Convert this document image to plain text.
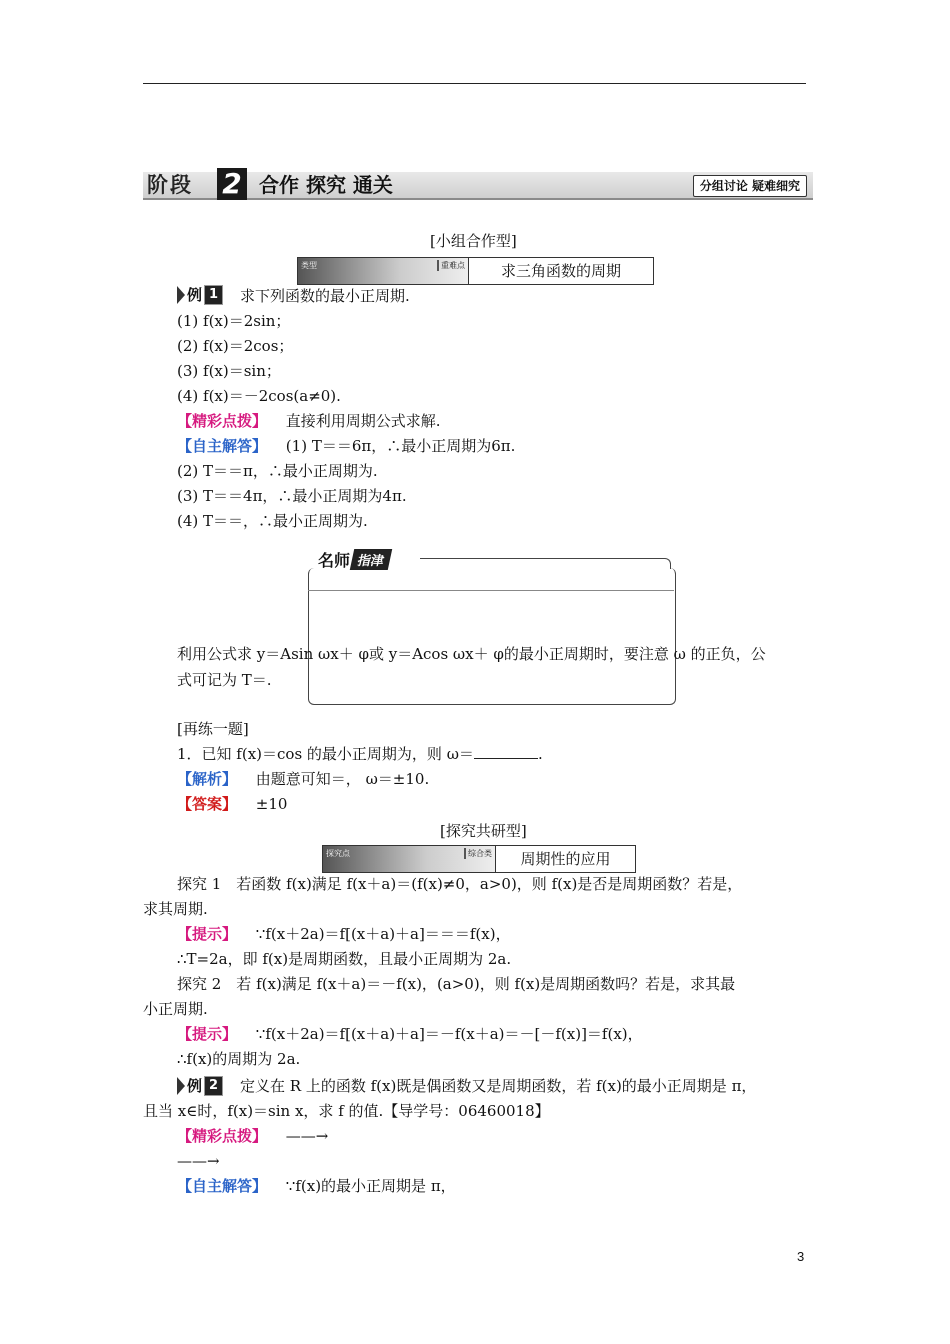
阶段	2 合作 探究 通关	分组讨论 疑难细究
[小组合作型]
类型	重难点	求三角函数的周期
例 1	求下列函数的最小正周期.
(1) f(x)＝2sin；
(2) f(x)＝2cos；
(3) f(x)＝sin；
(4) f(x)＝－2cos(a≠0).
【精彩点拨】 直接利用周期公式求解.
【自主解答】 (1) T＝＝6π，∴最小正周期为6π.
(2) T＝＝π，∴最小正周期为.
(3) T＝＝4π，∴最小正周期为4π.
(4) T＝＝，∴最小正周期为.
名师 指津
利用公式求 y＝Asin ωx＋ φ或 y＝Acos ωx＋ φ的最小正周期时，要注意 ω 的正负，公
式可记为 T＝.
[再练一题]
1．已知 f(x)＝cos 的最小正周期为，则 ω＝	.
【解析】 由题意可知＝， ω＝±10.
【答案】 ±10
[探究共研型]
探究点	综合类	周期性的应用
探究 1　若函数 f(x)满足 f(x＋a)＝(f(x)≠0，a>0)，则 f(x)是否是周期函数？若是，
求其周期.
【提示】 ∵f(x＋2a)＝f[(x＋a)＋a]＝＝＝f(x)，
∴T=2a，即 f(x)是周期函数，且最小正周期为 2a.
探究 2　若 f(x)满足 f(x＋a)＝－f(x)，(a>0)，则 f(x)是周期函数吗？若是，求其最
小正周期.
【提示】 ∵f(x＋2a)＝f[(x＋a)＋a]＝－f(x＋a)＝－[－f(x)]＝f(x)，
∴f(x)的周期为 2a.
例 2	定义在 R 上的函数 f(x)既是偶函数又是周期函数，若 f(x)的最小正周期是 π，
且当 x∈时，f(x)＝sin x，求 f 的值.【导学号：06460018】
【精彩点拨】 ——→
——→
【自主解答】 ∵f(x)的最小正周期是 π，
3
